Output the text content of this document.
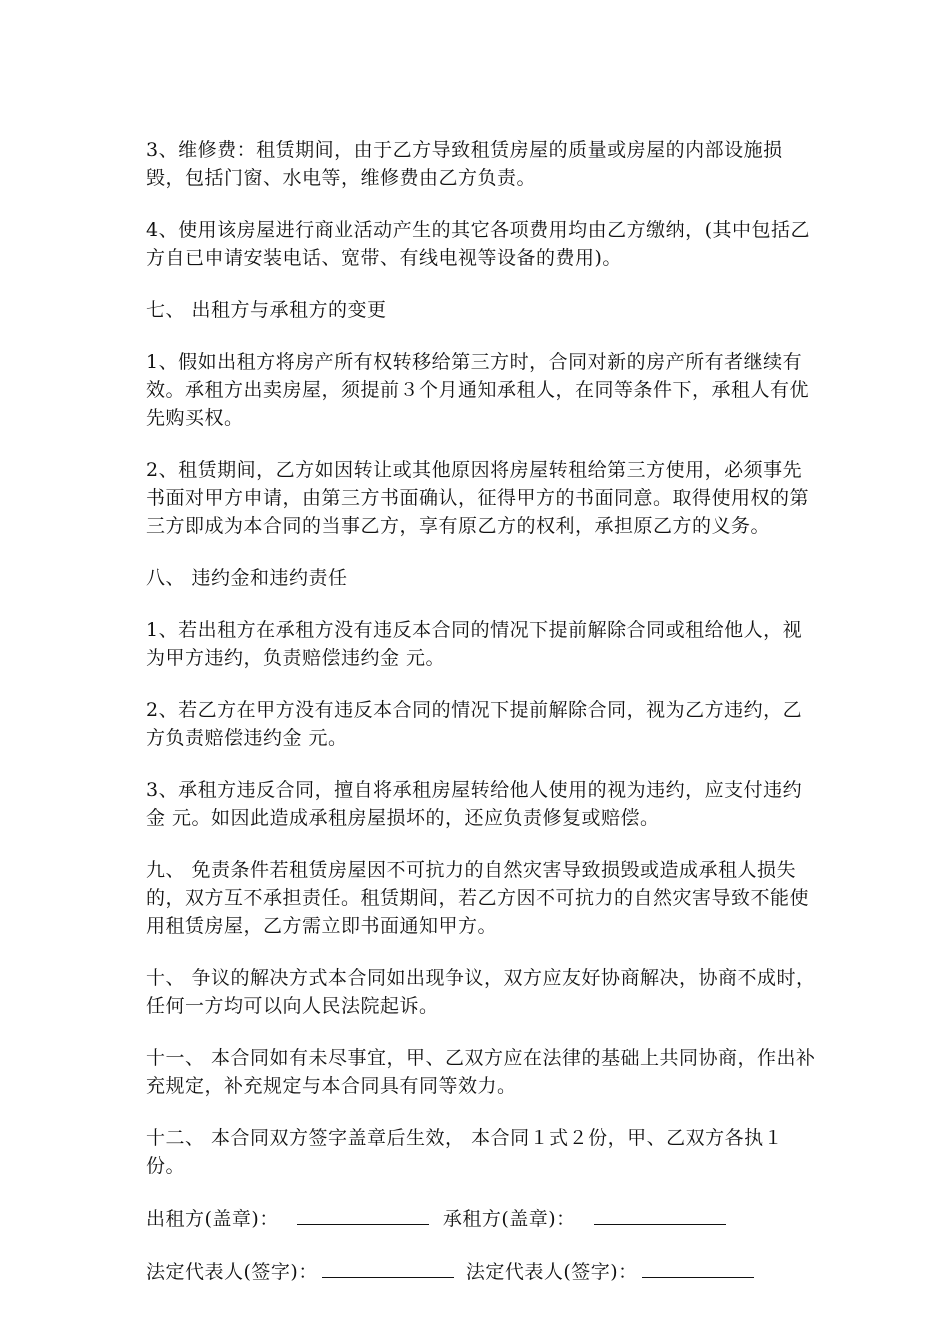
3、维修费：租赁期间，由于乙方导致租赁房屋的质量或房屋的内部设施损毁，包括门窗、水电等，维修费由乙方负责。

4、使用该房屋进行商业活动产生的其它各项费用均由乙方缴纳，(其中包括乙方自已申请安装电话、宽带、有线电视等设备的费用)。

七、 出租方与承租方的变更

1、假如出租方将房产所有权转移给第三方时，合同对新的房产所有者继续有效。承租方出卖房屋，须提前３个月通知承租人，在同等条件下，承租人有优先购买权。

2、租赁期间，乙方如因转让或其他原因将房屋转租给第三方使用，必须事先书面对甲方申请，由第三方书面确认，征得甲方的书面同意。取得使用权的第三方即成为本合同的当事乙方，享有原乙方的权利，承担原乙方的义务。

八、 违约金和违约责任

1、若出租方在承租方没有违反本合同的情况下提前解除合同或租给他人，视为甲方违约，负责赔偿违约金 元。

2、若乙方在甲方没有违反本合同的情况下提前解除合同，视为乙方违约，乙方负责赔偿违约金 元。

3、承租方违反合同，擅自将承租房屋转给他人使用的视为违约，应支付违约金 元。如因此造成承租房屋损坏的，还应负责修复或赔偿。

九、 免责条件若租赁房屋因不可抗力的自然灾害导致损毁或造成承租人损失的，双方互不承担责任。租赁期间，若乙方因不可抗力的自然灾害导致不能使用租赁房屋，乙方需立即书面通知甲方。

十、 争议的解决方式本合同如出现争议，双方应友好协商解决，协商不成时，任何一方均可以向人民法院起诉。

十一、 本合同如有未尽事宜，甲、乙双方应在法律的基础上共同协商，作出补充规定，补充规定与本合同具有同等效力。

十二、 本合同双方签字盖章后生效， 本合同１式２份，甲、乙双方各执１份。

出租方(盖章)：	承租方(盖章)：
法定代表人(签字)：	法定代表人(签字)：
